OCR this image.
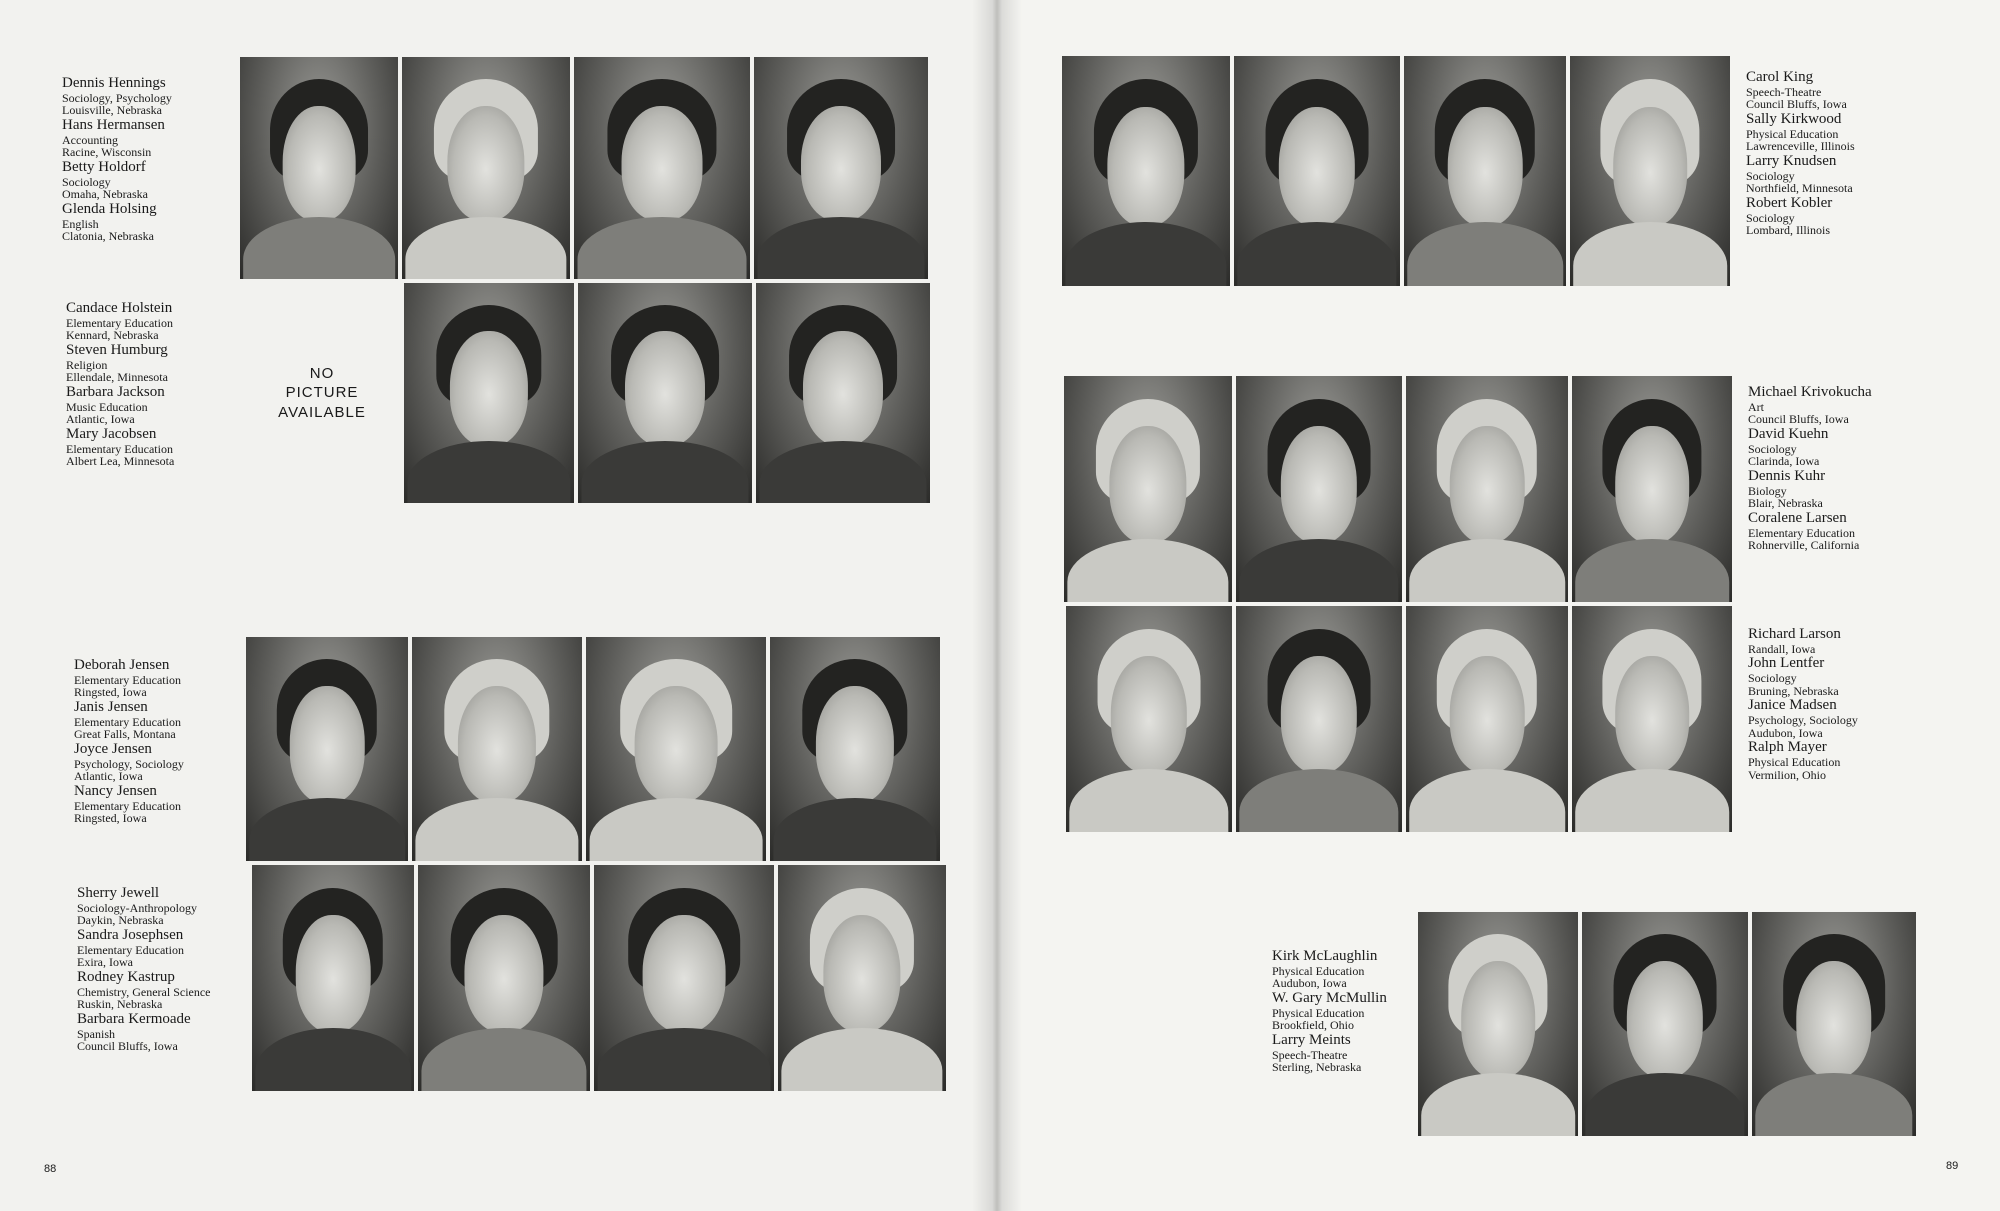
Dennis Hennings
Sociology, Psychology
Louisville, Nebraska
Hans Hermansen
Accounting
Racine, Wisconsin
Betty Holdorf
Sociology
Omaha, Nebraska
Glenda Holsing
English
Clatonia, Nebraska
Candace Holstein
Elementary Education
Kennard, Nebraska
Steven Humburg
Religion
Ellendale, Minnesota
Barbara Jackson
Music Education
Atlantic, Iowa
Mary Jacobsen
Elementary Education
Albert Lea, Minnesota
Deborah Jensen
Elementary Education
Ringsted, Iowa
Janis Jensen
Elementary Education
Great Falls, Montana
Joyce Jensen
Psychology, Sociology
Atlantic, Iowa
Nancy Jensen
Elementary Education
Ringsted, Iowa
Sherry Jewell
Sociology-Anthropology
Daykin, Nebraska
Sandra Josephsen
Elementary Education
Exira, Iowa
Rodney Kastrup
Chemistry, General Science
Ruskin, Nebraska
Barbara Kermoade
Spanish
Council Bluffs, Iowa
Carol King
Speech-Theatre
Council Bluffs, Iowa
Sally Kirkwood
Physical Education
Lawrenceville, Illinois
Larry Knudsen
Sociology
Northfield, Minnesota
Robert Kobler
Sociology
Lombard, Illinois
Michael Krivokucha
Art
Council Bluffs, Iowa
David Kuehn
Sociology
Clarinda, Iowa
Dennis Kuhr
Biology
Blair, Nebraska
Coralene Larsen
Elementary Education
Rohnerville, California
Richard Larson
Randall, Iowa
John Lentfer
Sociology
Bruning, Nebraska
Janice Madsen
Psychology, Sociology
Audubon, Iowa
Ralph Mayer
Physical Education
Vermilion, Ohio
Kirk McLaughlin
Physical Education
Audubon, Iowa
W. Gary McMullin
Physical Education
Brookfield, Ohio
Larry Meints
Speech-Theatre
Sterling, Nebraska
NO
PICTURE
AVAILABLE
88	89
